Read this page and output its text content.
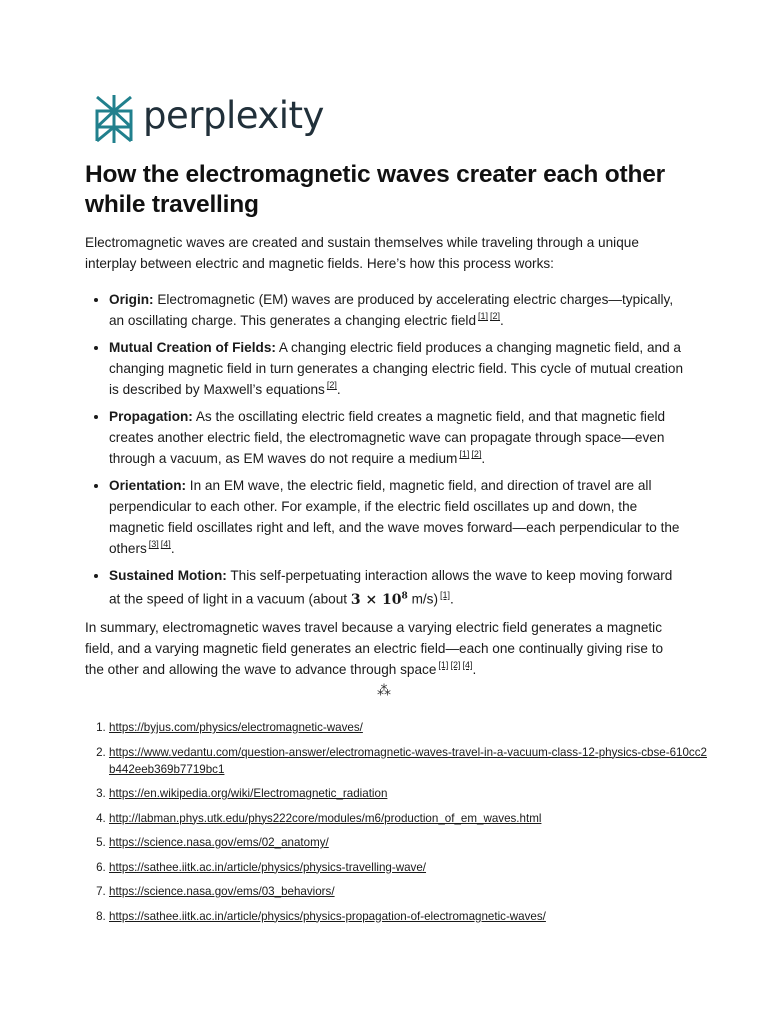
perplexity
How the electromagnetic waves creater each other while travelling

Electromagnetic waves are created and sustain themselves while traveling through a unique interplay between electric and magnetic fields. Here’s how this process works:

• Origin: Electromagnetic (EM) waves are produced by accelerating electric charges—typically, an oscillating charge. This generates a changing electric field [1] [2].
• Mutual Creation of Fields: A changing electric field produces a changing magnetic field, and a changing magnetic field in turn generates a changing electric field. This cycle of mutual creation is described by Maxwell’s equations [2].
• Propagation: As the oscillating electric field creates a magnetic field, and that magnetic field creates another electric field, the electromagnetic wave can propagate through space—even through a vacuum, as EM waves do not require a medium [1] [2].
• Orientation: In an EM wave, the electric field, magnetic field, and direction of travel are all perpendicular to each other. For example, if the electric field oscillates up and down, the magnetic field oscillates right and left, and the wave moves forward—each perpendicular to the others [3] [4].
• Sustained Motion: This self-perpetuating interaction allows the wave to keep moving forward at the speed of light in a vacuum (about $3 \times 10^8$ m/s) [1].

In summary, electromagnetic waves travel because a varying electric field generates a magnetic field, and a varying magnetic field generates an electric field—each one continually giving rise to the other and allowing the wave to advance through space [1] [2] [4].

⁂
1. https://byjus.com/physics/electromagnetic-waves/
2. https://www.vedantu.com/question-answer/electromagnetic-waves-travel-in-a-vacuum-class-12-physics-cbse-610cc2b442eeb369b7719bc1
3. https://en.wikipedia.org/wiki/Electromagnetic_radiation
4. http://labman.phys.utk.edu/phys222core/modules/m6/production_of_em_waves.html
5. https://science.nasa.gov/ems/02_anatomy/
6. https://sathee.iitk.ac.in/article/physics/physics-travelling-wave/
7. https://science.nasa.gov/ems/03_behaviors/
8. https://sathee.iitk.ac.in/article/physics/physics-propagation-of-electromagnetic-waves/
